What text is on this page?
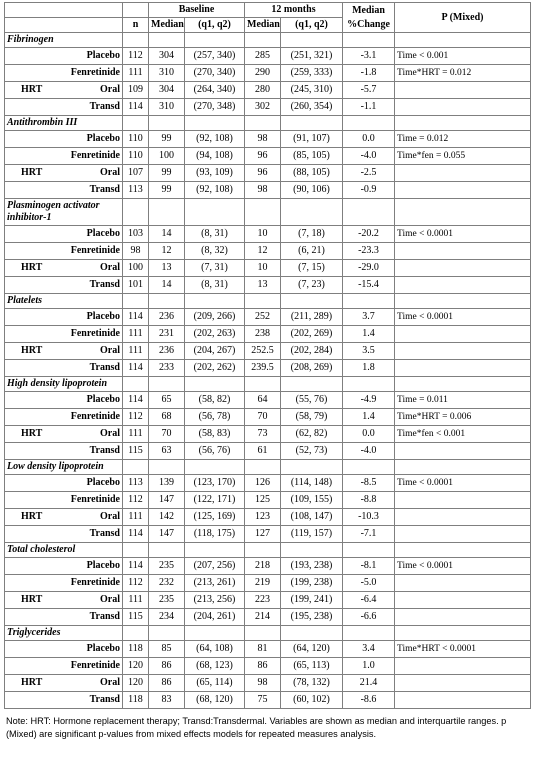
		Baseline		12 months		Median
%Change	P (Mixed)
	n	Median	(q1, q2)	Median	(q1, q2)		
Fibrinogen							
Placebo	112	304	(257, 340)	285	(251, 321)	-3.1	Time < 0.001
Fenretinide	111	310	(270, 340)	290	(259, 333)	-1.8	Time*HRT = 0.012

HRT Oral	109	304	(264, 340)	280	(245, 310)	-5.7	
Transd	114	310	(270, 348)	302	(260, 354)	-1.1	
Antithrombin III							
Placebo	110	99	(92, 108)	98	(91, 107)	0.0	Time = 0.012
Fenretinide	110	100	(94, 108)	96	(85, 105)	-4.0	Time*fen = 0.055

HRT Oral	107	99	(93, 109)	96	(88, 105)	-2.5	
Transd	113	99	(92, 108)	98	(90, 106)	-0.9	
Plasminogen activator inhibitor-1							
Placebo	103	14	(8, 31)	10	(7, 18)	-20.2	Time < 0.0001
Fenretinide	98	12	(8, 32)	12	(6, 21)	-23.3	

HRT Oral	100	13	(7, 31)	10	(7, 15)	-29.0	
Transd	101	14	(8, 31)	13	(7, 23)	-15.4	
Platelets							
Placebo	114	236	(209, 266)	252	(211, 289)	3.7	Time < 0.0001
Fenretinide	111	231	(202, 263)	238	(202, 269)	1.4	

HRT Oral	111	236	(204, 267)	252.5	(202, 284)	3.5	
Transd	114	233	(202, 262)	239.5	(208, 269)	1.8	
High density lipoprotein							
Placebo	114	65	(58, 82)	64	(55, 76)	-4.9	Time = 0.011
Fenretinide	112	68	(56, 78)	70	(58, 79)	1.4	Time*HRT = 0.006

HRT Oral	111	70	(58, 83)	73	(62, 82)	0.0	Time*fen < 0.001
Transd	115	63	(56, 76)	61	(52, 73)	-4.0	
Low density lipoprotein							
Placebo	113	139	(123, 170)	126	(114, 148)	-8.5	Time < 0.0001
Fenretinide	112	147	(122, 171)	125	(109, 155)	-8.8	

HRT Oral	111	142	(125, 169)	123	(108, 147)	-10.3	
Transd	114	147	(118, 175)	127	(119, 157)	-7.1	
Total cholesterol							
Placebo	114	235	(207, 256)	218	(193, 238)	-8.1	Time < 0.0001
Fenretinide	112	232	(213, 261)	219	(199, 238)	-5.0	

HRT Oral	111	235	(213, 256)	223	(199, 241)	-6.4	
Transd	115	234	(204, 261)	214	(195, 238)	-6.6	
Triglycerides							
Placebo	118	85	(64, 108)	81	(64, 120)	3.4	Time*HRT < 0.0001
Fenretinide	120	86	(68, 123)	86	(65, 113)	1.0	

HRT Oral	120	86	(65, 114)	98	(78, 132)	21.4	
Transd	118	83	(68, 120)	75	(60, 102)	-8.6	
Note: HRT: Hormone replacement therapy; Transd:Transdermal. Variables are shown as median and interquartile ranges. p (Mixed) are significant p-values from mixed effects models for repeated measures analysis.
